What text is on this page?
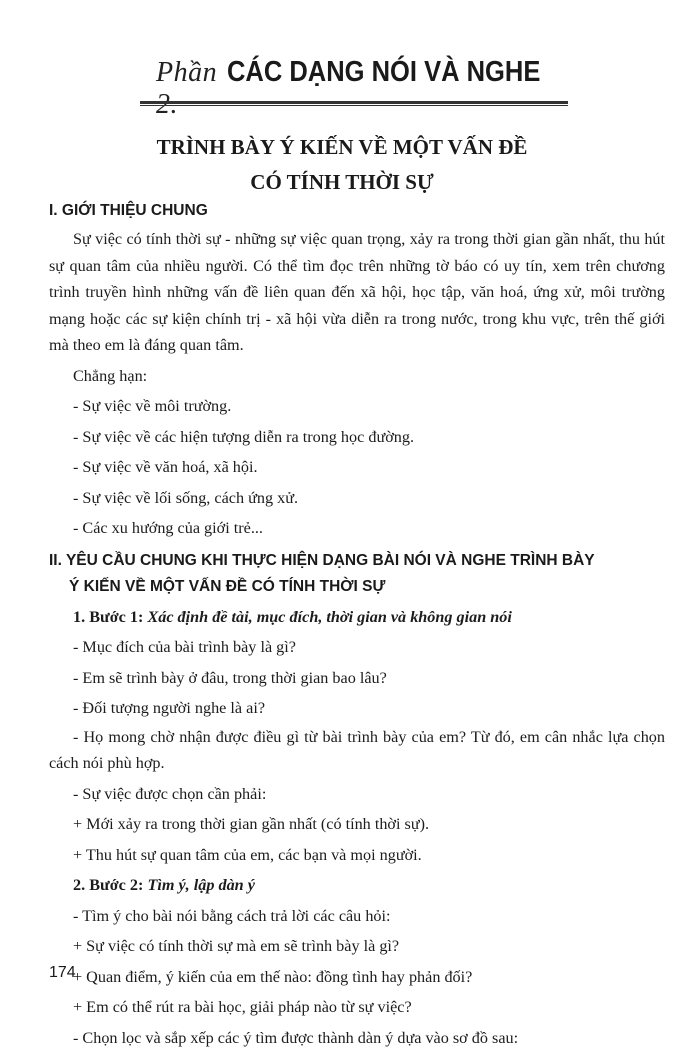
Phần 2.
CÁC DẠNG NÓI VÀ NGHE
TRÌNH BÀY Ý KIẾN VỀ MỘT VẤN ĐỀ
CÓ TÍNH THỜI SỰ
I. GIỚI THIỆU CHUNG

Sự việc có tính thời sự - những sự việc quan trọng, xảy ra trong thời gian gần nhất, thu hút sự quan tâm của nhiều người. Có thể tìm đọc trên những tờ báo có uy tín, xem trên chương trình truyền hình những vấn đề liên quan đến xã hội, học tập, văn hoá, ứng xử, môi trường mạng hoặc các sự kiện chính trị - xã hội vừa diễn ra trong nước, trong khu vực, trên thế giới mà theo em là đáng quan tâm.

Chẳng hạn:

- Sự việc về môi trường.

- Sự việc về các hiện tượng diễn ra trong học đường.

- Sự việc về văn hoá, xã hội.

- Sự việc về lối sống, cách ứng xử.

- Các xu hướng của giới trẻ...

II. YÊU CẦU CHUNG KHI THỰC HIỆN DẠNG BÀI NÓI VÀ NGHE TRÌNH BÀY
Ý KIẾN VỀ MỘT VẤN ĐỀ CÓ TÍNH THỜI SỰ

1. Bước 1: Xác định đề tài, mục đích, thời gian và không gian nói

- Mục đích của bài trình bày là gì?

- Em sẽ trình bày ở đâu, trong thời gian bao lâu?

- Đối tượng người nghe là ai?

- Họ mong chờ nhận được điều gì từ bài trình bày của em? Từ đó, em cân nhắc lựa chọn cách nói phù hợp.

- Sự việc được chọn cần phải:

+ Mới xảy ra trong thời gian gần nhất (có tính thời sự).

+ Thu hút sự quan tâm của em, các bạn và mọi người.

2. Bước 2: Tìm ý, lập dàn ý

- Tìm ý cho bài nói bằng cách trả lời các câu hỏi:

+ Sự việc có tính thời sự mà em sẽ trình bày là gì?

+ Quan điểm, ý kiến của em thế nào: đồng tình hay phản đối?

+ Em có thể rút ra bài học, giải pháp nào từ sự việc?

- Chọn lọc và sắp xếp các ý tìm được thành dàn ý dựa vào sơ đồ sau:

174
